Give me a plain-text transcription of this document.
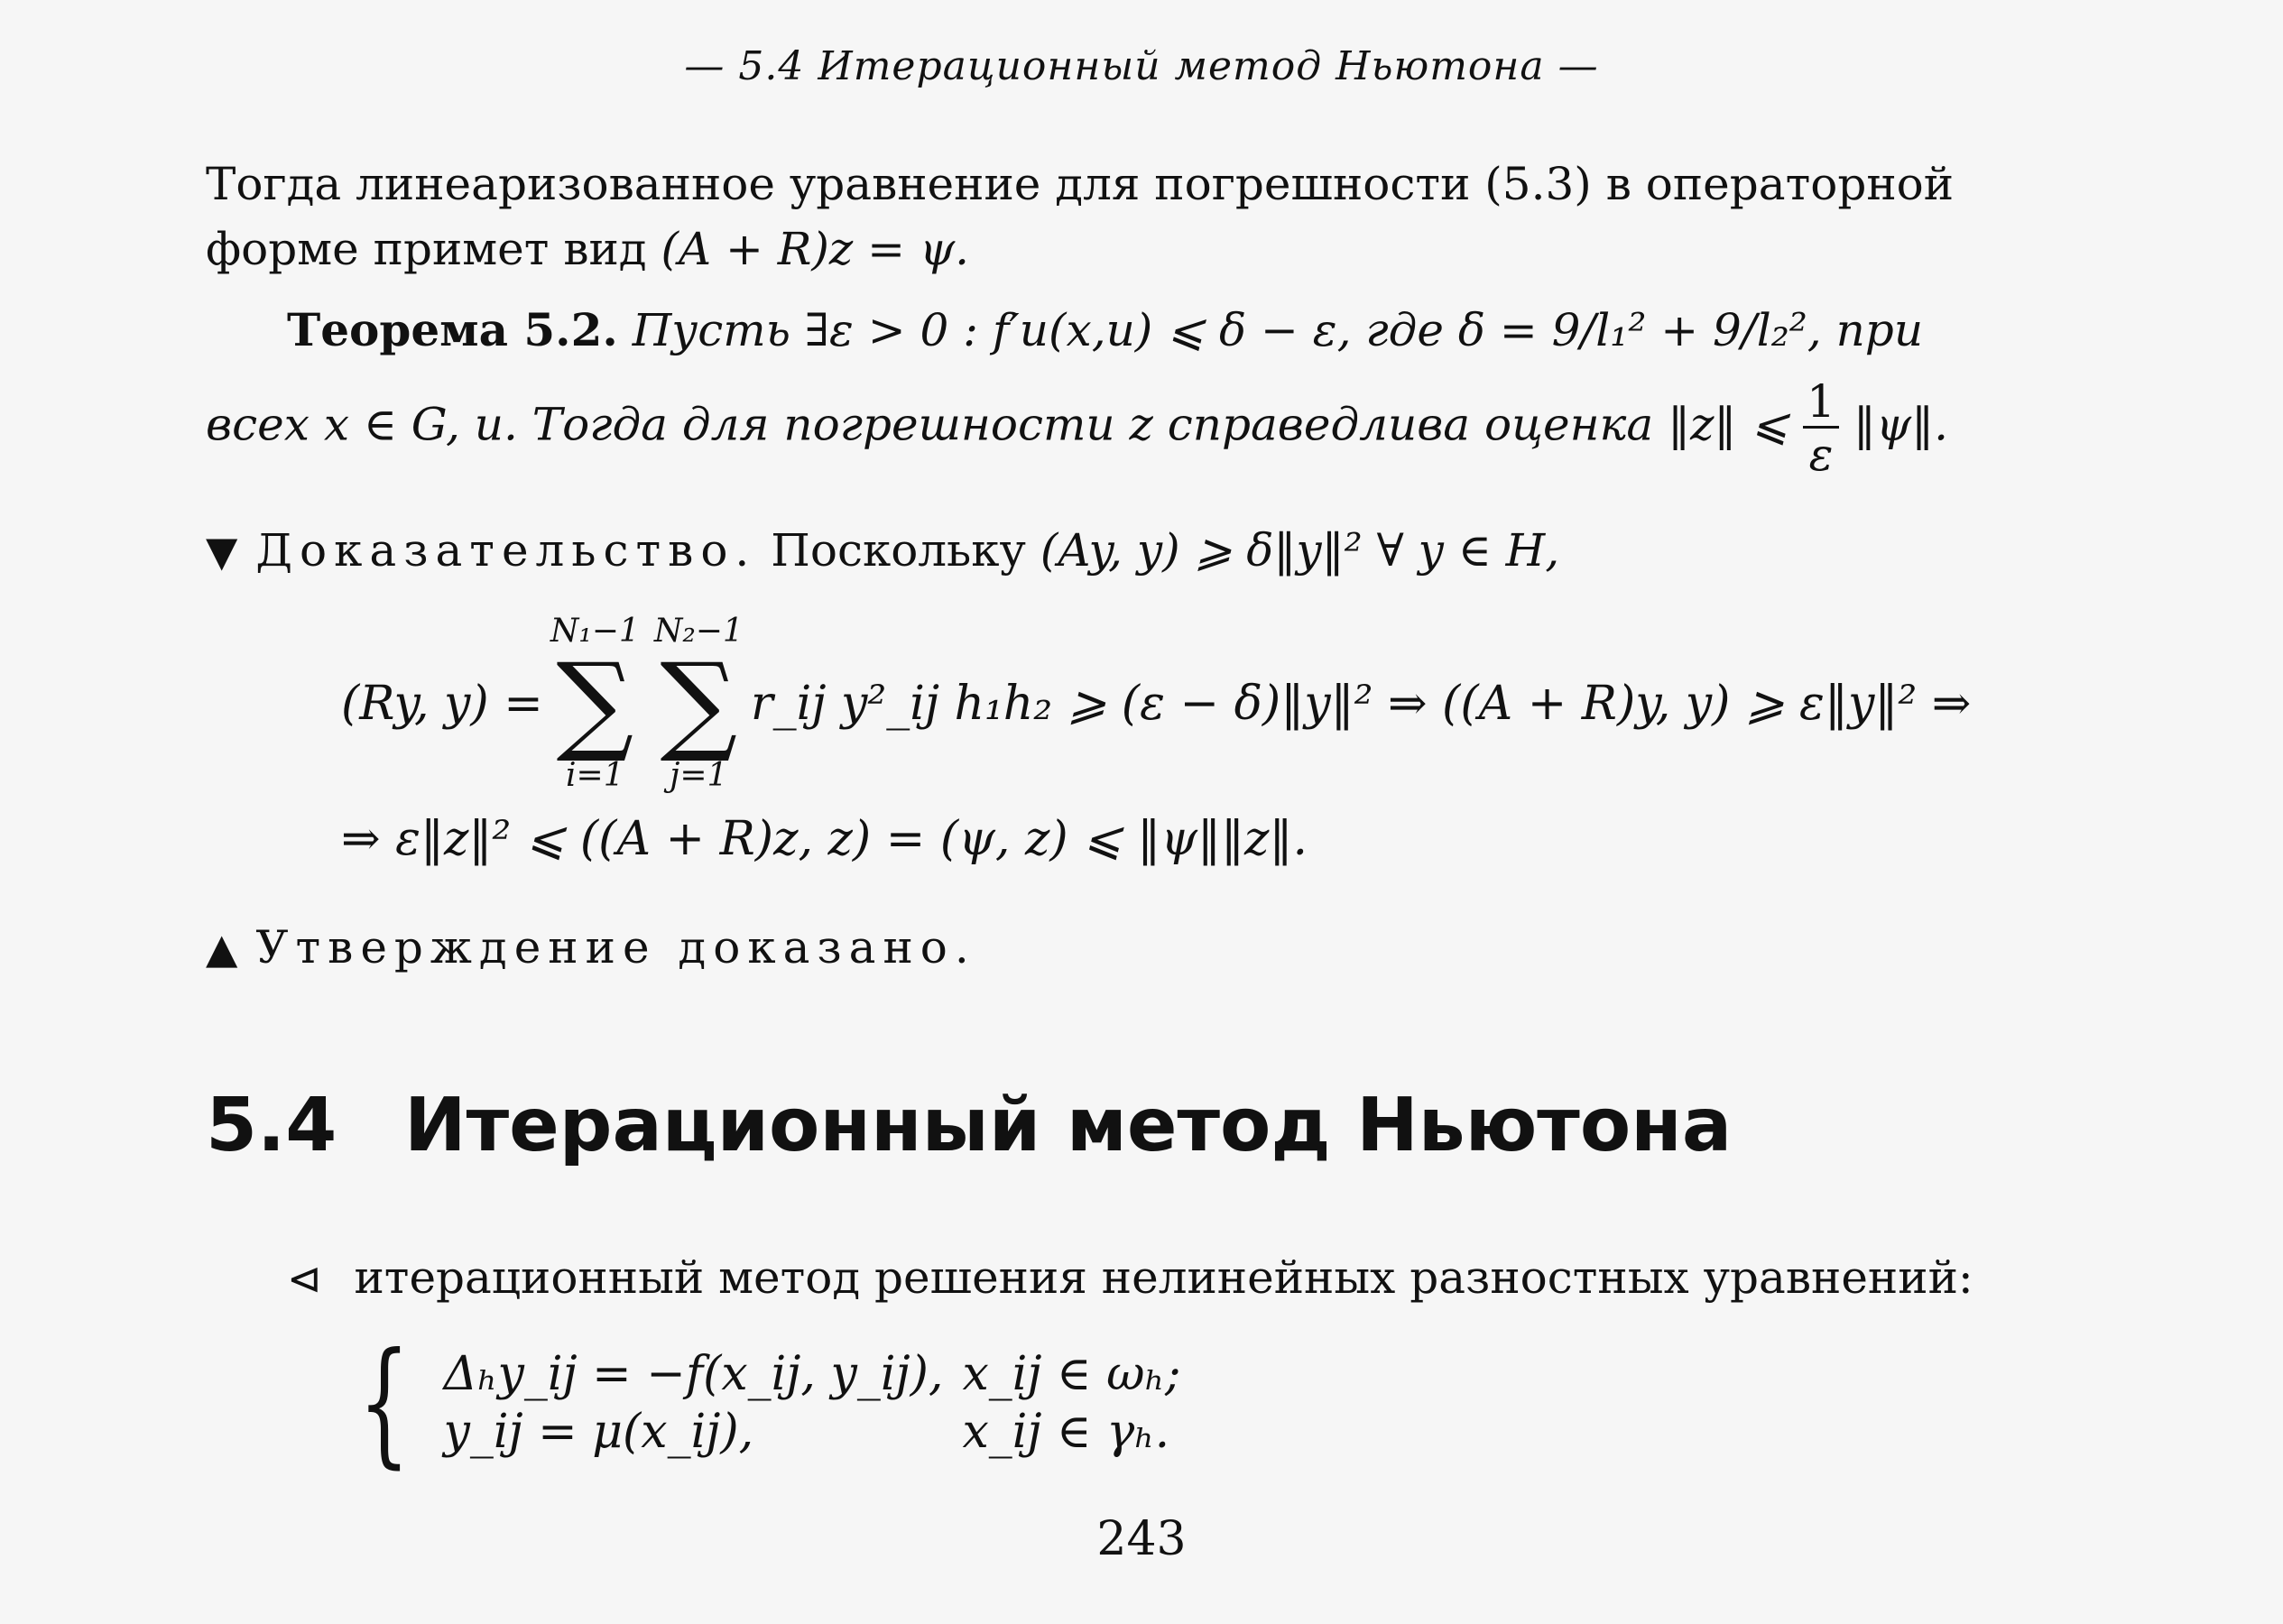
— 5.4 Итерационный метод Ньютона —
Тогда линеаризованное уравнение для погрешности (5.3) в операторной
форме примет вид (A + R)z = ψ.
Теорема 5.2. Пусть ∃ε > 0 : f′u(x,u) ⩽ δ − ε, где δ = 9/l₁² + 9/l₂², при
всех x ∈ G, u. Тогда для погрешности z справедлива оценка ‖z‖ ⩽ $\frac{1}{\varepsilon}$ ‖ψ‖.
▼ Доказательство. Поскольку (Ay, y) ⩾ δ‖y‖² ∀ y ∈ H,
(Ry, y) =
N₁−1
∑
i=1
N₂−1
∑
j=1
r_ij y²_ij h₁h₂ ⩾ (ε − δ)‖y‖² ⇒ ((A + R)y, y) ⩾ ε‖y‖² ⇒
⇒ ε‖z‖² ⩽ ((A + R)z, z) = (ψ, z) ⩽ ‖ψ‖‖z‖.
▲ Утверждение доказано.
5.4 Итерационный метод Ньютона
⊲ итерационный метод решения нелинейных разностных уравнений:
{ Δₕy_ij = −f(x_ij, y_ij), x_ij ∈ ωₕ;
y_ij = μ(x_ij),	x_ij ∈ γₕ.
243
